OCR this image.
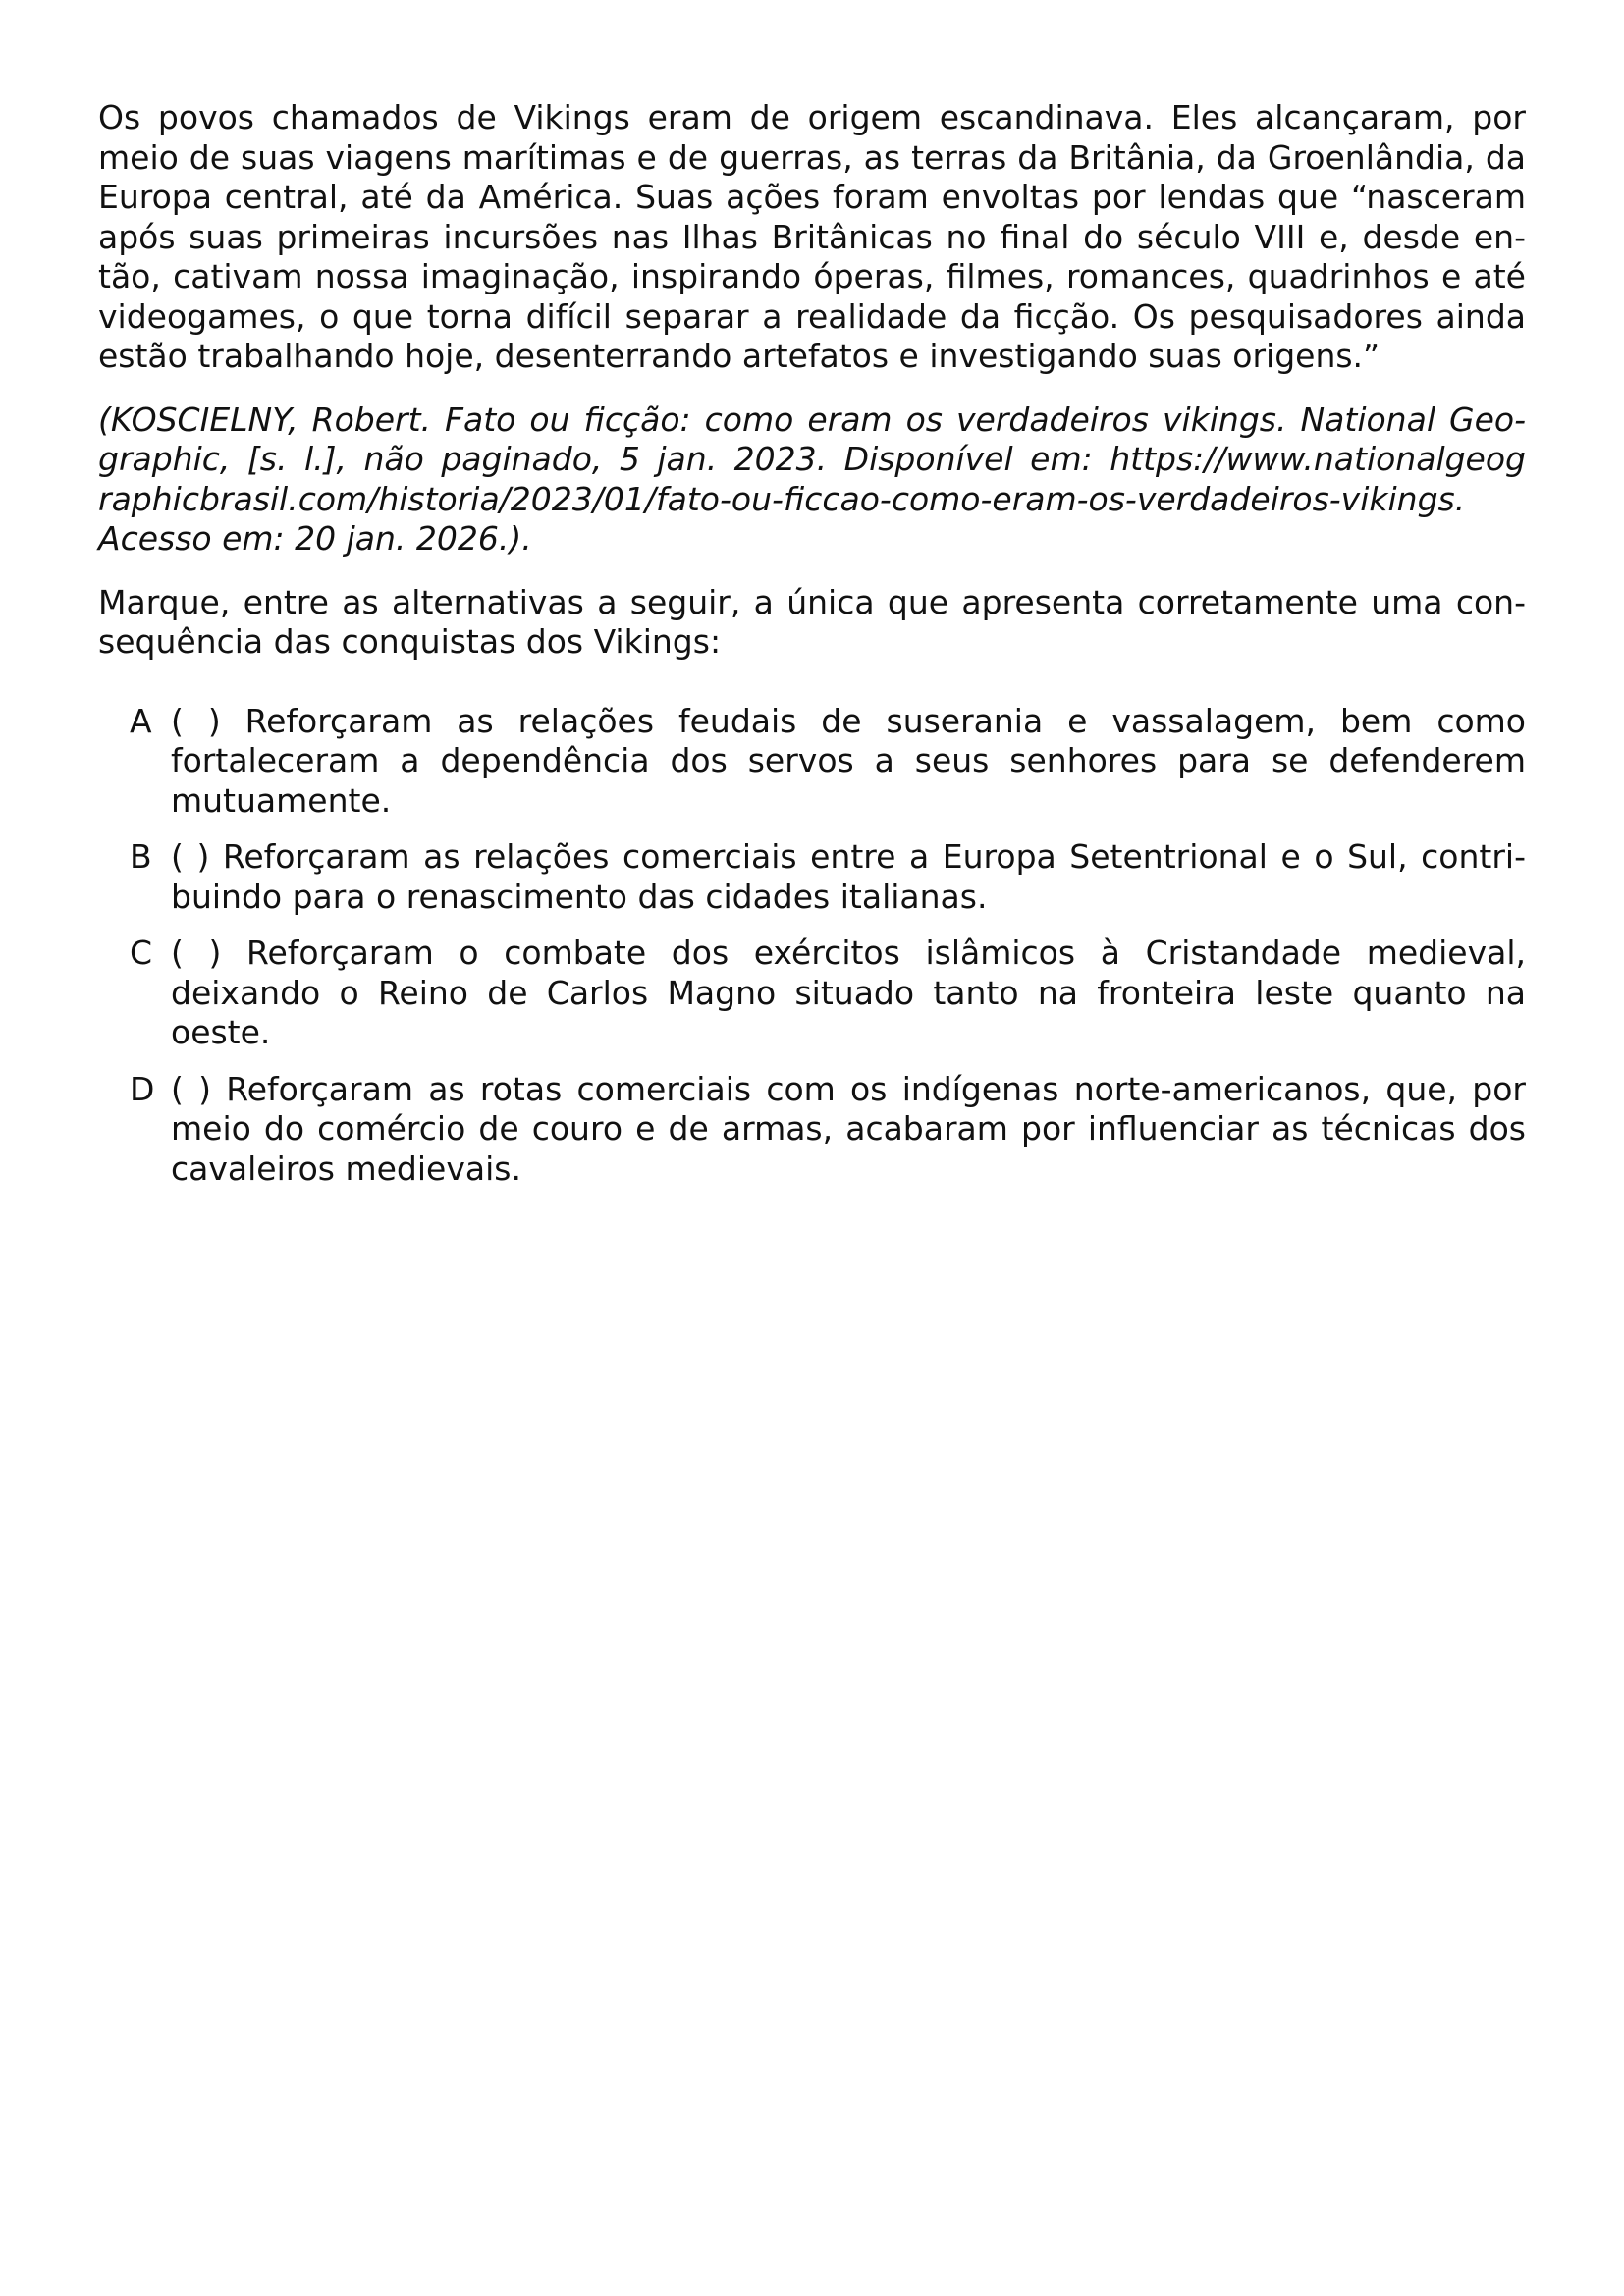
Os povos chamados de Vikings eram de origem escandinava. Eles alcançaram, por meio de suas viagens marítimas e de guerras, as terras da Britânia, da Groenlândia, da Europa central, até da América. Suas ações foram envoltas por lendas que “nasceram após suas primeiras incursões nas Ilhas Britânicas no final do século VIII e, desde então, cativam nossa imaginação, inspirando óperas, filmes, romances, quadrinhos e até videogames, o que torna difícil separar a realidade da ficção. Os pesquisadores ainda estão trabalhando hoje, desenterrando artefatos e investigando suas origens.”

(KOSCIELNY, Robert. Fato ou ficção: como eram os verdadeiros vikings. National Geographic, [s. l.], não paginado, 5 jan. 2023. Disponível em: https://www.nationalgeog​raphicbrasil.com/historia/2023/01/fato-ou-ficcao-como-eram-os-verdadeiros-vikings. Acesso em: 20 jan. 2026.).

Marque, entre as alternativas a seguir, a única que apresenta corretamente uma consequência das conquistas dos Vikings:

A ( ) Reforçaram as relações feudais de suserania e vassalagem, bem como fortaleceram a dependência dos servos a seus senhores para se defenderem mutuamente.
B ( ) Reforçaram as relações comerciais entre a Europa Setentrional e o Sul, contribuindo para o renascimento das cidades italianas.
C ( ) Reforçaram o combate dos exércitos islâmicos à Cristandade medieval, deixando o Reino de Carlos Magno situado tanto na fronteira leste quanto na oeste.
D ( ) Reforçaram as rotas comerciais com os indígenas norte-americanos, que, por meio do comércio de couro e de armas, acabaram por influenciar as técnicas dos cavaleiros medievais.
